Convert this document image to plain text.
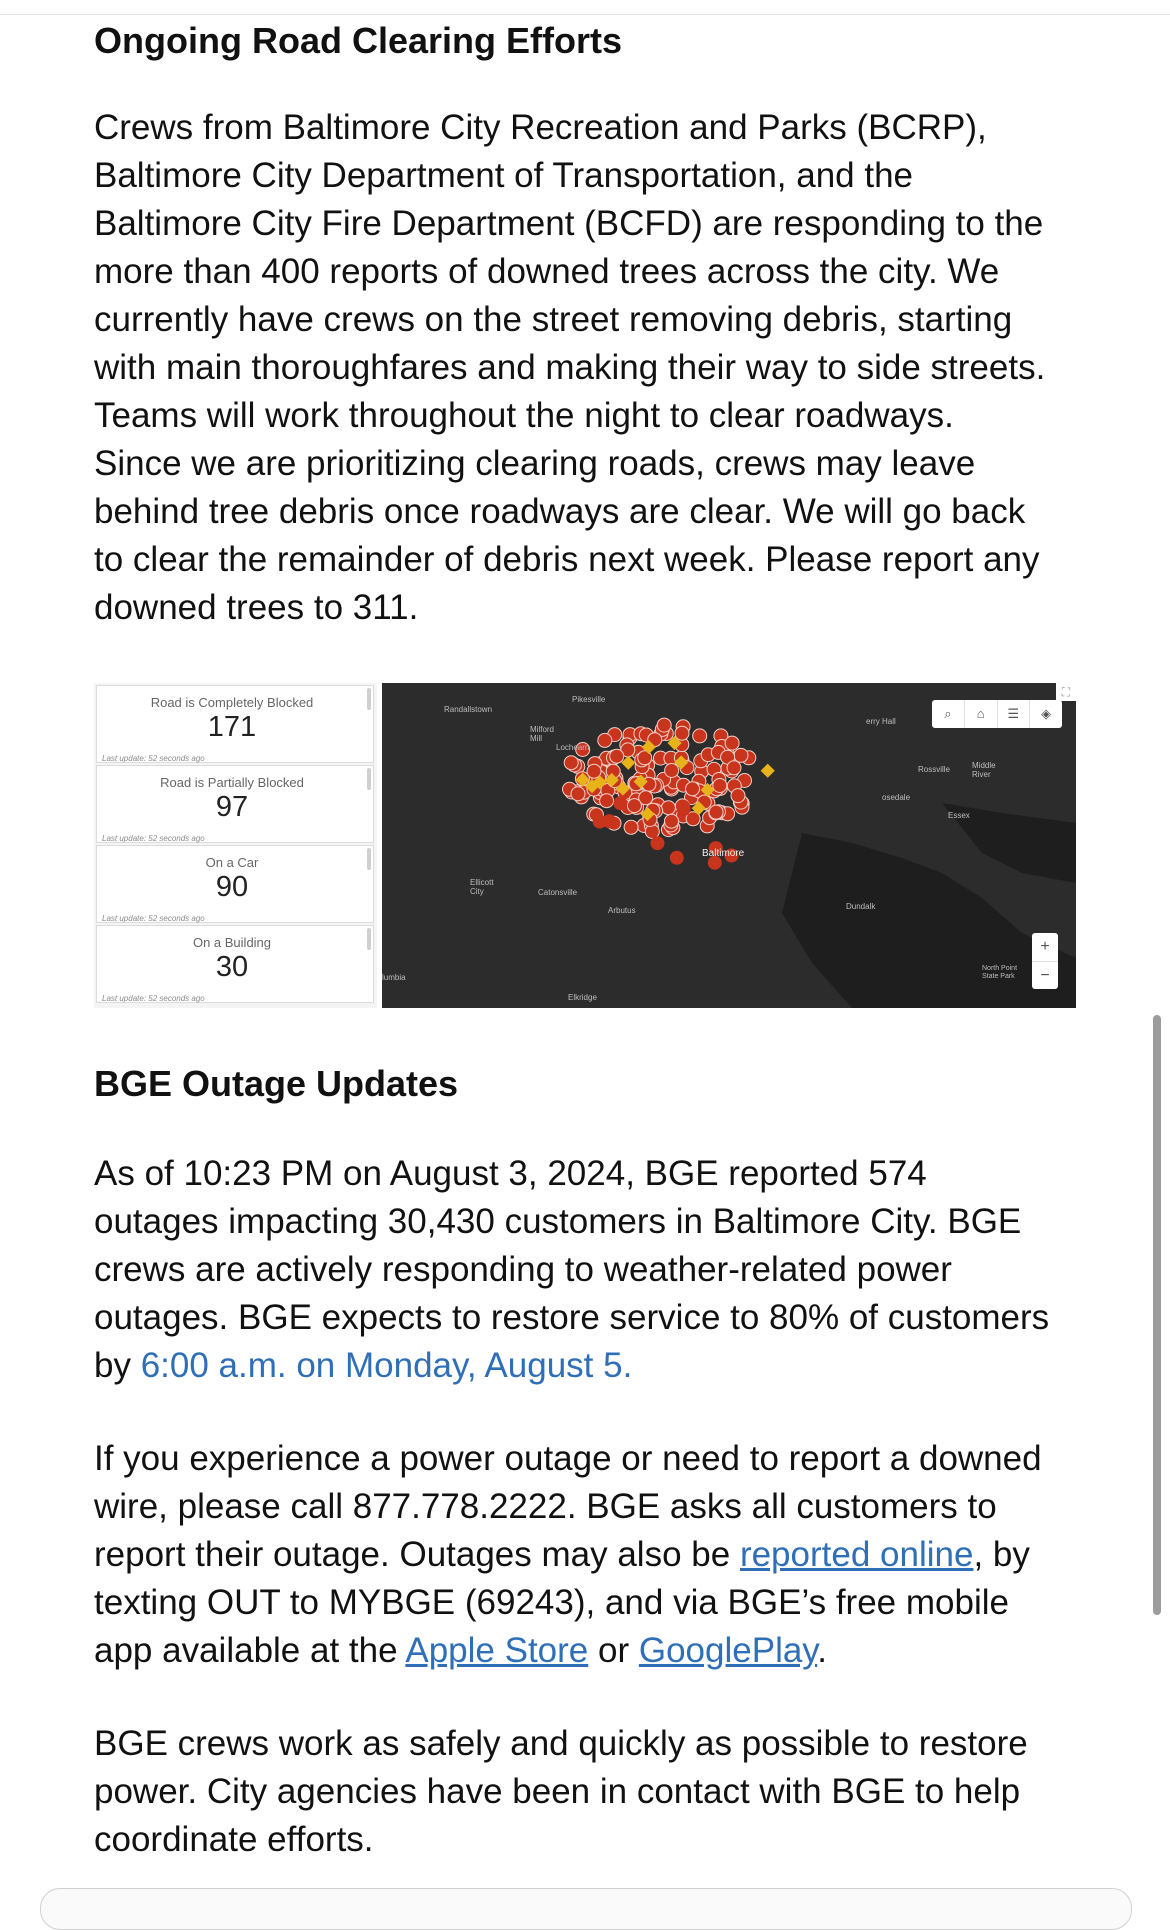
Ongoing Road Clearing Efforts

Crews from Baltimore City Recreation and Parks (BCRP),
Baltimore City Department of Transportation, and the
Baltimore City Fire Department (BCFD) are responding to the
more than 400 reports of downed trees across the city. We
currently have crews on the street removing debris, starting
with main thoroughfares and making their way to side streets.
Teams will work throughout the night to clear roadways.
Since we are prioritizing clearing roads, crews may leave
behind tree debris once roadways are clear. We will go back
to clear the remainder of debris next week. Please report any
downed trees to 311.

BGE Outage Updates

As of 10:23 PM on August 3, 2024, BGE reported 574
outages impacting 30,430 customers in Baltimore City. BGE
crews are actively responding to weather-related power
outages. BGE expects to restore service to 80% of customers
by 6:00 a.m. on Monday, August 5.

If you experience a power outage or need to report a downed
wire, please call 877.778.2222. BGE asks all customers to
report their outage. Outages may also be reported online, by
texting OUT to MYBGE (69243), and via BGE’s free mobile
app available at the Apple Store or GooglePlay.

BGE crews work as safely and quickly as possible to restore
power. City agencies have been in contact with BGE to help
coordinate efforts.

Road is Completely Blocked
171
Last update: 52 seconds ago
Road is Partially Blocked
97
Last update: 52 seconds ago
On a Car
90
Last update: 52 seconds ago
On a Building
30
Last update: 52 seconds ago
Randallstown
Pikesville
Milford Mill
Lochearn
erry Hall
Rossville	Middle River
osedale
Essex
Baltimore
Ellicott City	Catonsville
Arbutus	Dundalk
lumbia
Elkridge
North Point State Park
⌕	⌂	☰	◈
+
−
⛶
